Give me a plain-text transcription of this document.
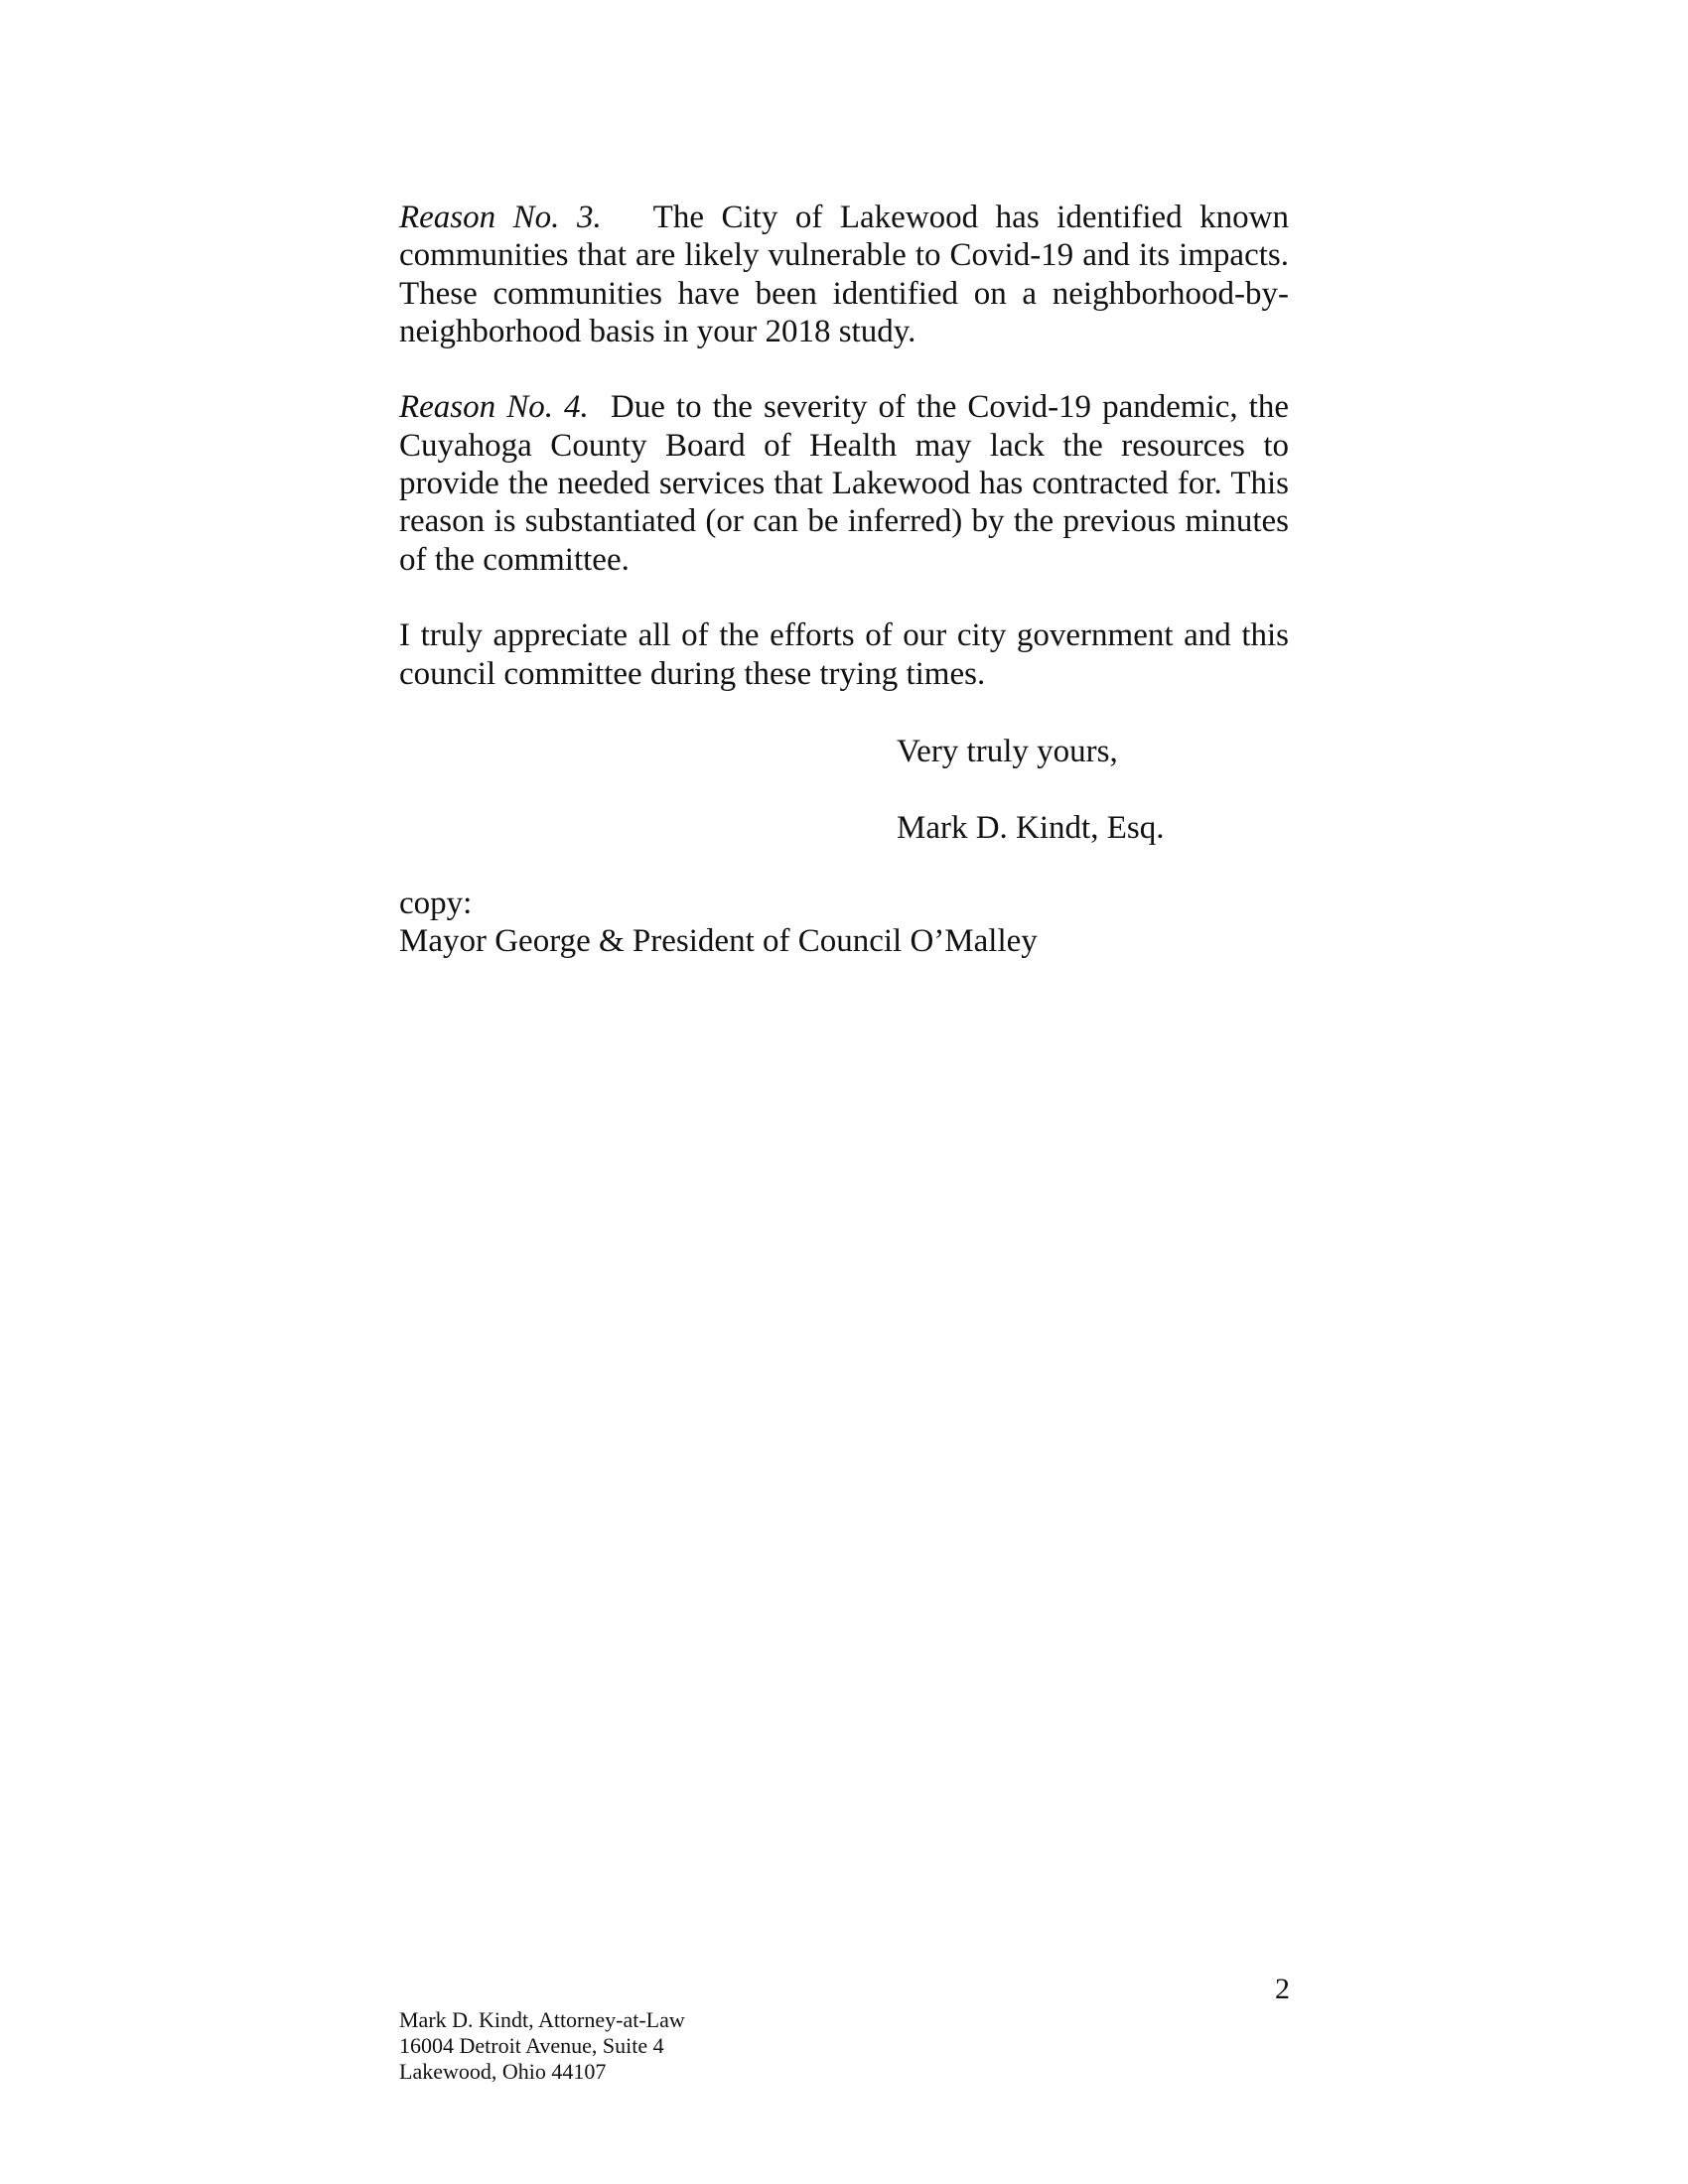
Reason No. 3. The City of Lakewood has identified known communities that are likely vulnerable to Covid-19 and its impacts. These communities have been identified on a neighborhood-by-neighborhood basis in your 2018 study.

Reason No. 4. Due to the severity of the Covid-19 pandemic, the Cuyahoga County Board of Health may lack the resources to provide the needed services that Lakewood has contracted for. This reason is substantiated (or can be inferred) by the previous minutes of the committee.

I truly appreciate all of the efforts of our city government and this council committee during these trying times.

Very truly yours,
Mark D. Kindt, Esq.
copy:
Mayor George & President of Council O’Malley
2
Mark D. Kindt, Attorney-at-Law
16004 Detroit Avenue, Suite 4
Lakewood, Ohio 44107
